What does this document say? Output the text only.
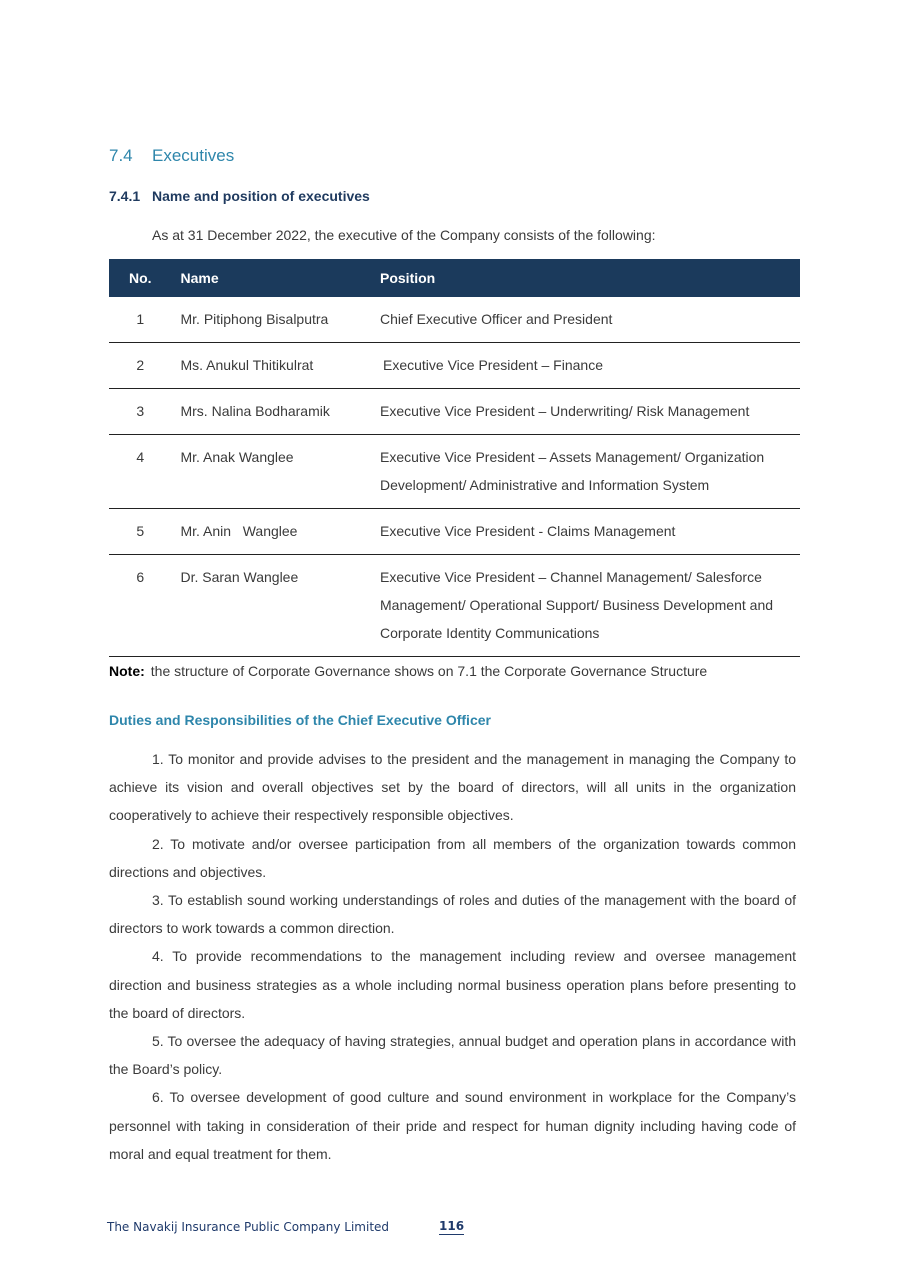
7.4 Executives
7.4.1 Name and position of executives
As at 31 December 2022, the executive of the Company consists of the following:
No.	Name	Position

1	Mr. Pitiphong Bisalputra	Chief Executive Officer and President

2	Ms. Anukul Thitikulrat	Executive Vice President – Finance

3	Mrs. Nalina Bodharamik	Executive Vice President – Underwriting/ Risk Management

4	Mr. Anak Wanglee	Executive Vice President – Assets Management/ Organization Development/ Administrative and Information System

5	Mr. Anin   Wanglee	Executive Vice President - Claims Management

6	Dr. Saran Wanglee	Executive Vice President – Channel Management/ Salesforce Management/ Operational Support/ Business Development and Corporate Identity Communications
Note: the structure of Corporate Governance shows on 7.1 the Corporate Governance Structure
Duties and Responsibilities of the Chief Executive Officer

1. To monitor and provide advises to the president and the management in managing the Company to achieve its vision and overall objectives set by the board of directors, will all units in the organization cooperatively to achieve their respectively responsible objectives.

2. To motivate and/or oversee participation from all members of the organization towards common directions and objectives.

3. To establish sound working understandings of roles and duties of the management with the board of directors to work towards a common direction.

4. To provide recommendations to the management including review and oversee management direction and business strategies as a whole including normal business operation plans before presenting to the board of directors.

5. To oversee the adequacy of having strategies, annual budget and operation plans in accordance with the Board’s policy.

6. To oversee development of good culture and sound environment in workplace for the Company’s personnel with taking in consideration of their pride and respect for human dignity including having code of moral and equal treatment for them.

The Navakij Insurance Public Company Limited	116
